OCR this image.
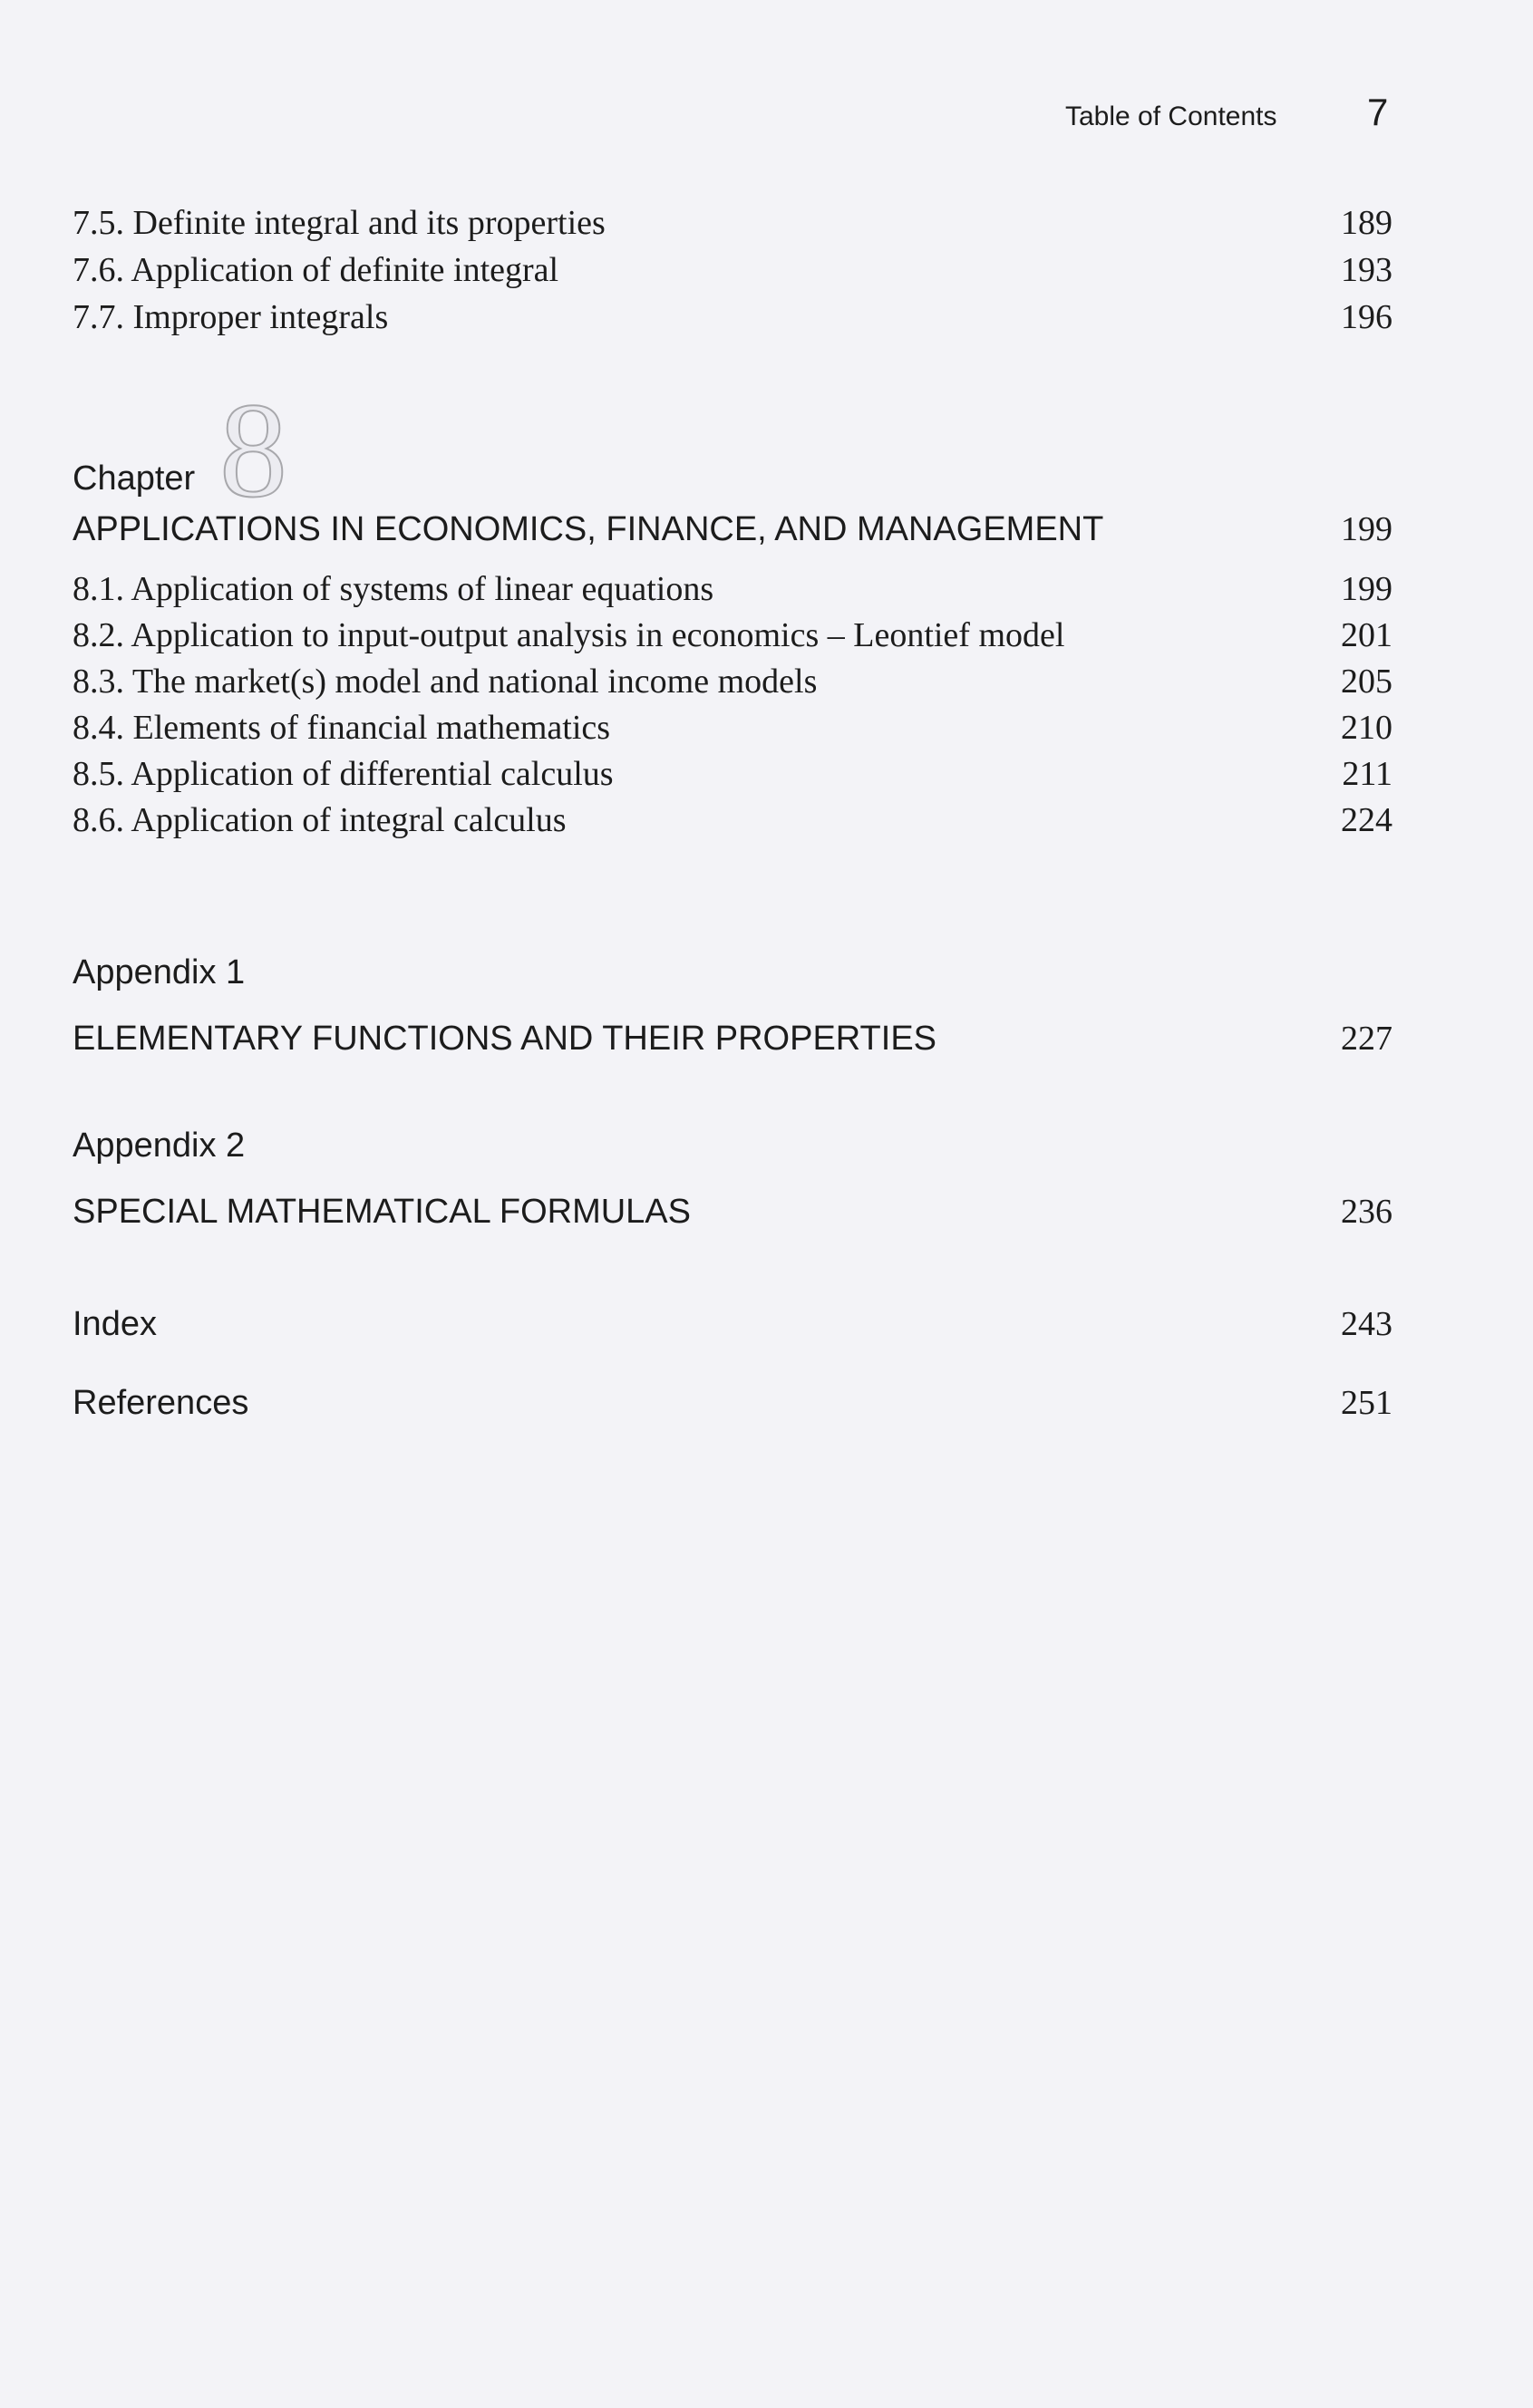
Table of Contents 7
7.5. Definite integral and its properties	189
7.6. Application of definite integral	193
7.7. Improper integrals	196
Chapter 8
APPLICATIONS IN ECONOMICS, FINANCE, AND MANAGEMENT	199
8.1. Application of systems of linear equations	199
8.2. Application to input-output analysis in economics – Leontief model	201
8.3. The market(s) model and national income models	205
8.4. Elements of financial mathematics	210
8.5. Application of differential calculus	211
8.6. Application of integral calculus	224
Appendix 1
ELEMENTARY FUNCTIONS AND THEIR PROPERTIES	227
Appendix 2
SPECIAL MATHEMATICAL FORMULAS	236
Index	243
References	251
